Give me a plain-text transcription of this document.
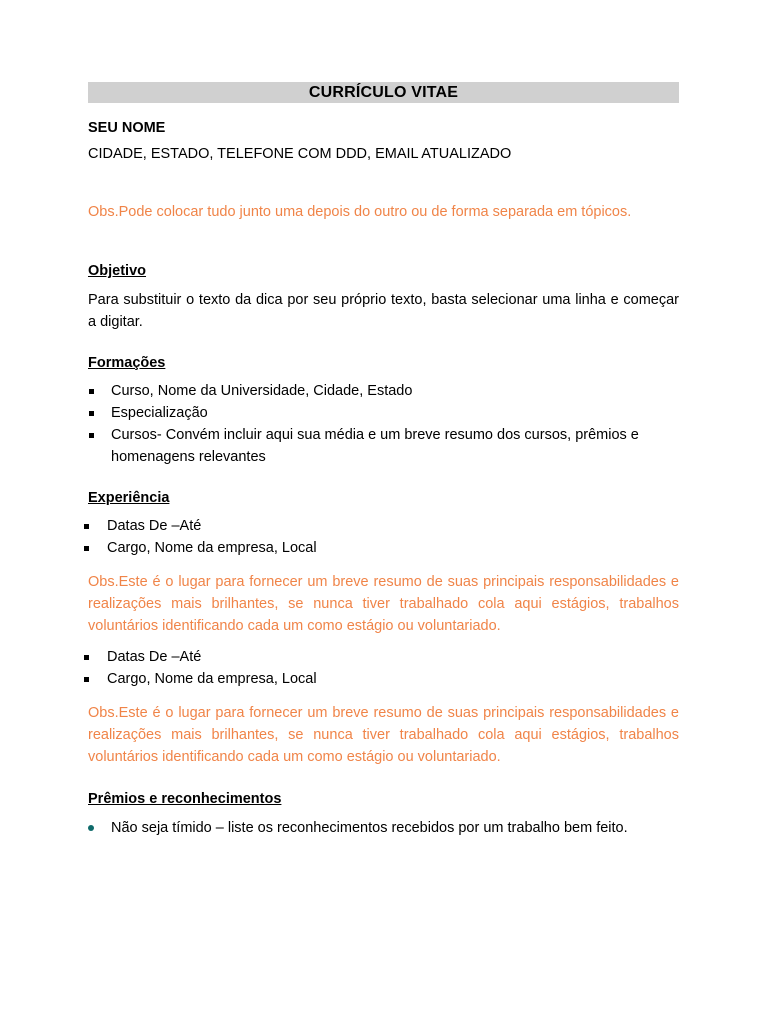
CURRÍCULO VITAE
SEU NOME
CIDADE, ESTADO, TELEFONE COM DDD, EMAIL ATUALIZADO
Obs.Pode colocar tudo junto uma depois do outro ou de forma separada em tópicos.
Objetivo
Para substituir o texto da dica por seu próprio texto, basta selecionar uma linha e começar a digitar.
Formações
Curso, Nome da Universidade, Cidade, Estado
Especialização
Cursos- Convém incluir aqui sua média e um breve resumo dos cursos, prêmios e homenagens relevantes
Experiência
Datas De –Até
Cargo, Nome da empresa, Local
Obs.Este é o lugar para fornecer um breve resumo de suas principais responsabilidades e realizações mais brilhantes, se nunca tiver trabalhado cola aqui estágios, trabalhos voluntários identificando cada um como estágio ou voluntariado.
Datas De –Até
Cargo, Nome da empresa, Local
Obs.Este é o lugar para fornecer um breve resumo de suas principais responsabilidades e realizações mais brilhantes, se nunca tiver trabalhado cola aqui estágios, trabalhos voluntários identificando cada um como estágio ou voluntariado.
Prêmios e reconhecimentos
Não seja tímido – liste os reconhecimentos recebidos por um trabalho bem feito.
